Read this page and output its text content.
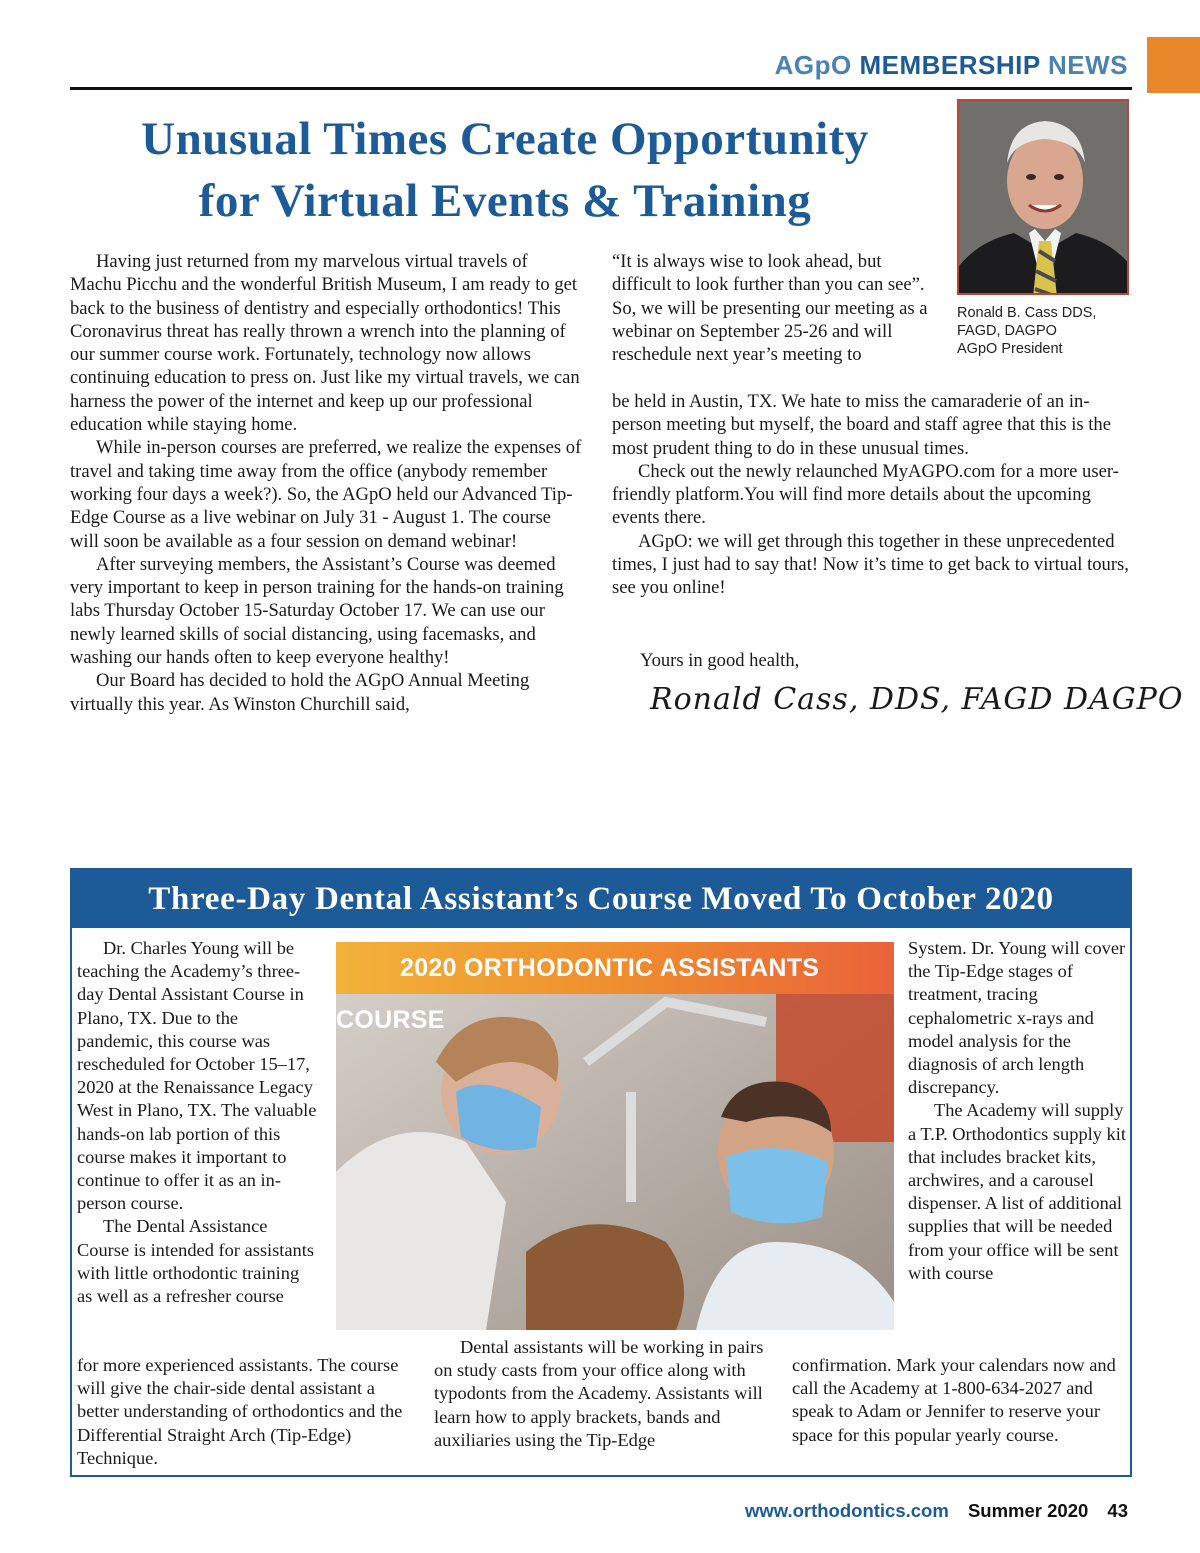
AGpO MEMBERSHIP NEWS
Unusual Times Create Opportunity
for Virtual Events & Training
Ronald B. Cass DDS,
FAGD, DAGPO
AGpO President

Having just returned from my marvelous virtual travels of Machu Picchu and the wonderful British Museum, I am ready to get back to the business of dentistry and especially orthodontics! This Coronavirus threat has really thrown a wrench into the planning of our summer course work. Fortunately, technology now allows continuing education to press on. Just like my virtual travels, we can harness the power of the internet and keep up our professional education while staying home.

While in-person courses are preferred, we realize the expenses of travel and taking time away from the office (anybody remember working four days a week?). So, the AGpO held our Advanced Tip-Edge Course as a live webinar on July 31 - August 1. The course will soon be available as a four session on demand webinar!

After surveying members, the Assistant’s Course was deemed very important to keep in person training for the hands-on training labs Thursday October 15-Saturday October 17. We can use our newly learned skills of social distancing, using facemasks, and washing our hands often to keep everyone healthy!

Our Board has decided to hold the AGpO Annual Meeting virtually this year. As Winston Churchill said,

“It is always wise to look ahead, but difficult to look further than you can see”. So, we will be presenting our meeting as a webinar on September 25-26 and will reschedule next year’s meeting to

be held in Austin, TX. We hate to miss the camaraderie of an in-person meeting but myself, the board and staff agree that this is the most prudent thing to do in these unusual times.

Check out the newly relaunched MyAGPO.com for a more user-friendly platform.You will find more details about the upcoming events there.

AGpO: we will get through this together in these unprecedented times, I just had to say that! Now it’s time to get back to virtual tours, see you online!

Yours in good health,
Ronald Cass, DDS, FAGD DAGPO
Three-Day Dental Assistant’s Course Moved To October 2020

Dr. Charles Young will be teaching the Academy’s three-day Dental Assistant Course in Plano, TX. Due to the pandemic, this course was rescheduled for October 15–17, 2020 at the Renaissance Legacy West in Plano, TX. The valuable hands-on lab portion of this course makes it important to continue to offer it as an in-person course.

The Dental Assistance Course is intended for assistants with little orthodontic training as well as a refresher course

for more experienced assistants. The course will give the chair-side dental assistant a better understanding of orthodontics and the Differential Straight Arch (Tip-Edge) Technique.

2020 ORTHODONTIC ASSISTANTS COURSE

Dental assistants will be working in pairs on study casts from your office along with typodonts from the Academy. Assistants will learn how to apply brackets, bands and auxiliaries using the Tip-Edge

System. Dr. Young will cover the Tip-Edge stages of treatment, tracing cephalometric x-rays and model analysis for the diagnosis of arch length discrepancy.

The Academy will supply a T.P. Orthodontics supply kit that includes bracket kits, archwires, and a carousel dispenser. A list of additional supplies that will be needed from your office will be sent with course

confirmation. Mark your calendars now and call the Academy at 1-800-634-2027 and speak to Adam or Jennifer to reserve your space for this popular yearly course.

www.orthodontics.com Summer 2020 43
